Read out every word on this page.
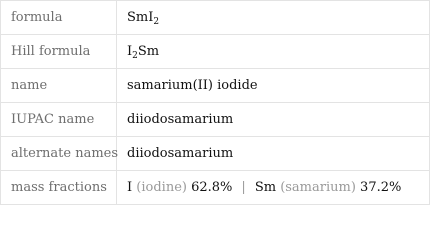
formula	SmI$_2$
Hill formula	$I_2Sm$
name	samarium(II) iodide
IUPAC name	diiodosamarium
alternate names	diiodosamarium
mass fractions	I (iodine) 62.8% | Sm (samarium) 37.2%
